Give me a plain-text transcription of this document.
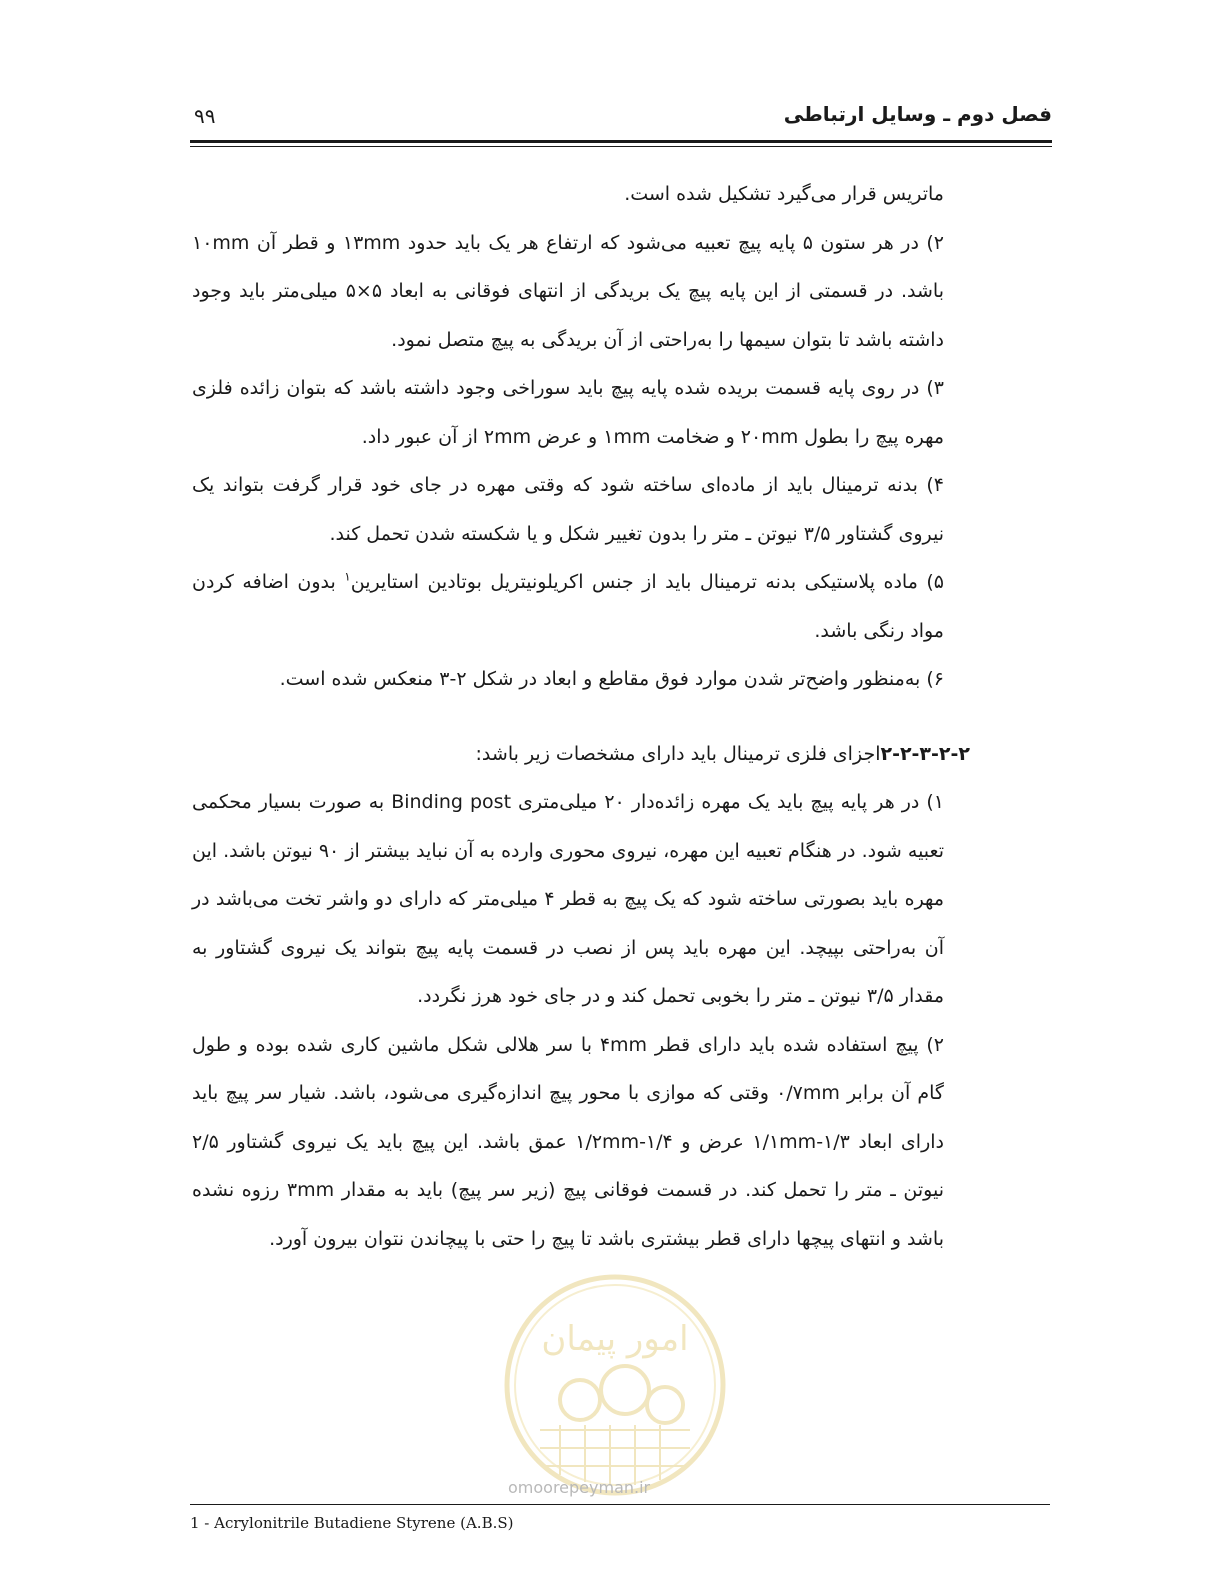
۹۹	فصل دوم ـ وسایل ارتباطی

ماتریس قرار می‌گیرد تشکیل شده است.

۲) در هر ستون ۵ پایه پیچ تعبیه می‌شود که ارتفاع هر یک باید حدود ۱۳mm و قطر آن ۱۰mm باشد. در قسمتی از این پایه پیچ یک بریدگی از انتهای فوقانی به ابعاد ۵×۵ میلی‌متر باید وجود داشته باشد تا بتوان سیمها را به‌راحتی از آن بریدگی به پیچ متصل نمود.

۳) در روی پایه قسمت بریده شده پایه پیچ باید سوراخی وجود داشته باشد که بتوان زائده فلزی مهره پیچ را بطول ۲۰mm و ضخامت ۱mm و عرض ۲mm از آن عبور داد.

۴) بدنه ترمینال باید از ماده‌ای ساخته شود که وقتی مهره در جای خود قرار گرفت بتواند یک نیروی گشتاور ۳/۵ نیوتن ـ متر را بدون تغییر شکل و یا شکسته شدن تحمل کند.

۵) ماده پلاستیکی بدنه ترمینال باید از جنس اکریلونیتریل بوتادین استایرین$^۱$ بدون اضافه کردن مواد رنگی باشد.

۶) به‌منظور واضح‌تر شدن موارد فوق مقاطع و ابعاد در شکل ۲-۳ منعکس شده است.

۲-۲-۳-۲-۲اجزای فلزی ترمینال باید دارای مشخصات زیر باشد:

۱) در هر پایه پیچ باید یک مهره زائده‌دار ۲۰ میلی‌متری Binding post به صورت بسیار محکمی تعبیه شود. در هنگام تعبیه این مهره، نیروی محوری وارده به آن نباید بیشتر از ۹۰ نیوتن باشد. این مهره باید بصورتی ساخته شود که یک پیچ به قطر ۴ میلی‌متر که دارای دو واشر تخت می‌باشد در آن به‌راحتی بپیچد. این مهره باید پس از نصب در قسمت پایه پیچ بتواند یک نیروی گشتاور به مقدار ۳/۵ نیوتن ـ متر را بخوبی تحمل کند و در جای خود هرز نگردد.

۲) پیچ استفاده شده باید دارای قطر ۴mm با سر هلالی شکل ماشین کاری شده بوده و طول گام آن برابر ۰/۷mm وقتی که موازی با محور پیچ اندازه‌گیری می‌شود، باشد. شیار سر پیچ باید دارای ابعاد ۱/۱mm-۱/۳ عرض و ۱/۲mm-۱/۴ عمق باشد. این پیچ باید یک نیروی گشتاور ۲/۵ نیوتن ـ متر را تحمل کند. در قسمت فوقانی پیچ (زیر سر پیچ) باید به مقدار ۳mm رزوه نشده باشد و انتهای پیچها دارای قطر بیشتری باشد تا پیچ را حتی با پیچاندن نتوان بیرون آورد.

امور پیمان
omoorepeyman.ir
1 - Acrylonitrile Butadiene Styrene (A.B.S)
